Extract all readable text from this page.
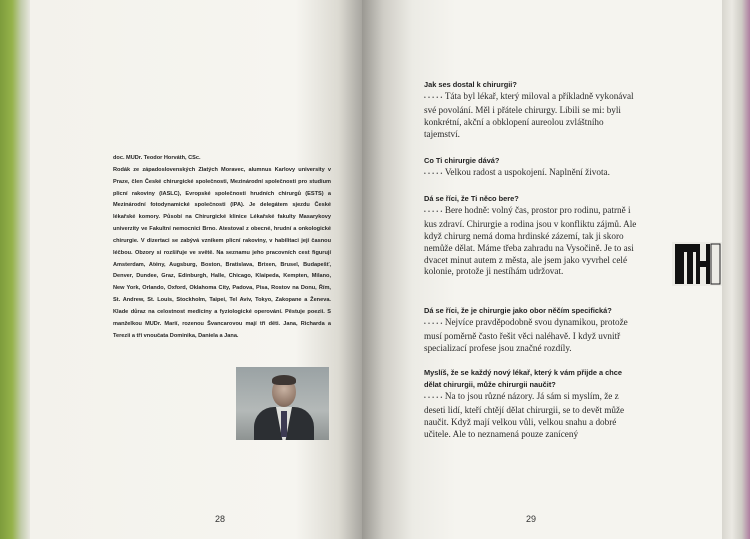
doc. MUDr. Teodor Horváth, CSc.
Rodák ze západoslovenských Zlatých Moravec, alumnus Karlovy university v Praze, člen České chirurgické společnosti, Mezinárodní společnosti pro studium plicní rakoviny (IASLC), Evropské společnosti hrudních chirurgů (ESTS) a Mezinárodní fotodynamické společnosti (IPA). Je delegátem sjezdu České lékařské komory. Působí na Chirurgické klinice Lékařské fakulty Masarykovy univerzity ve Fakultní nemocnici Brno. Atestoval z obecné, hrudní a onkologické chirurgie. V dizertaci se zabývá vznikem plicní rakoviny, v habilitaci její časnou léčbou. Obzory si rozšiřuje ve světě. Na seznamu jeho pracovních cest figurují Amsterdam, Atény, Augsburg, Boston, Bratislava, Brixen, Brusel, Budapešť, Denver, Dundee, Graz, Edinburgh, Halle, Chicago, Klaipeda, Kempten, Milano, New York, Orlando, Oxford, Oklahoma City, Padova, Pisa, Rostov na Donu, Řím, St. Andrew, St. Louis, Stockholm, Taipei, Tel Aviv, Tokyo, Zakopane a Ženeva. Klade důraz na celostnost medicíny a fyziologické operování. Pěstuje poezii. S manželkou MUDr. Marií, rozenou Švancarovou mají tři děti. Jana, Richarda a Terezii a tři vnoučata Dominika, Daniela a Jana.
28
Jak ses dostal k chirurgii?
• • • • • Táta byl lékař, který miloval a příkladně vykonával své povolání. Měl i přátele chirurgy. Líbili se mi: byli konkrétní, akční a obklopení aureolou zvláštního tajemství.
Co Ti chirurgie dává?
• • • • • Velkou radost a uspokojení. Naplnění života.
Dá se říci, že Ti něco bere?
• • • • • Bere hodně: volný čas, prostor pro rodinu, patrně i kus zdraví. Chirurgie a rodina jsou v konfliktu zájmů. Ale když chirurg nemá doma hrdinské zázemí, tak ji skoro nemůže dělat. Máme třeba zahradu na Vysočině. Je to asi dvacet minut autem z města, ale jsem jako vyvrhel celé kolonie, protože ji nestíhám udržovat.
Dá se říci, že je chirurgie jako obor něčím specifická?
• • • • • Nejvíce pravděpodobně svou dynamikou, protože musí poměrně často řešit věci naléhavě. I když uvnitř specializací profese jsou značné rozdíly.
Myslíš, že se každý nový lékař, který k vám přijde a chce dělat chirurgii, může chirurgii naučit?
• • • • • Na to jsou různé názory. Já sám si myslím, že z deseti lidí, kteří chtějí dělat chirurgii, se to devět může naučit. Když mají velkou vůli, velkou snahu a dobré učitele. Ale to neznamená pouze zanícený
29
